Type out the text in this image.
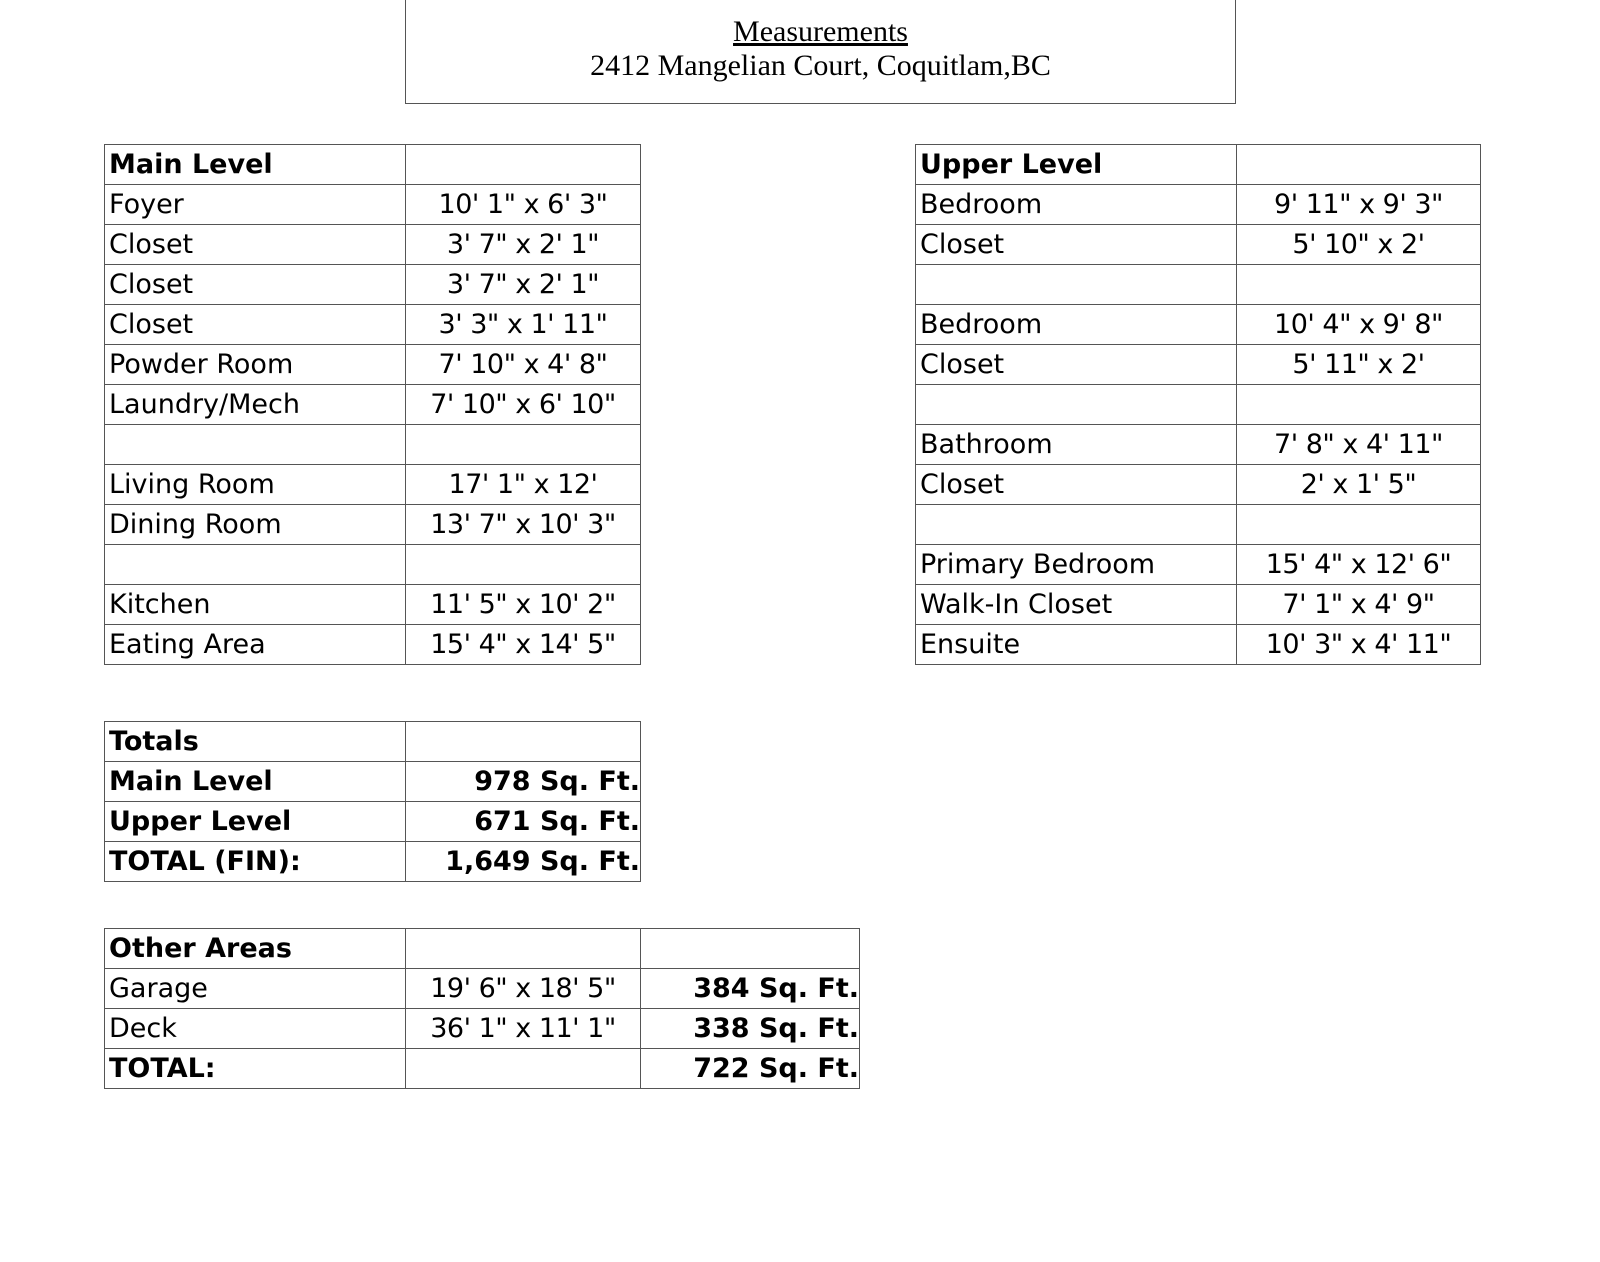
Measurements
2412 Mangelian Court, Coquitlam,BC
Main Level	
Foyer	10' 1" x 6' 3"
Closet	3' 7" x 2' 1"
Closet	3' 7" x 2' 1"
Closet	3' 3" x 1' 11"
Powder Room	7' 10" x 4' 8"
Laundry/Mech	7' 10" x 6' 10"

Living Room	17' 1" x 12'
Dining Room	13' 7" x 10' 3"

Kitchen	11' 5" x 10' 2"
Eating Area	15' 4" x 14' 5"
Upper Level	
Bedroom	9' 11" x 9' 3"
Closet	5' 10" x 2'

Bedroom	10' 4" x 9' 8"
Closet	5' 11" x 2'

Bathroom	7' 8" x 4' 11"
Closet	2' x 1' 5"

Primary Bedroom	15' 4" x 12' 6"
Walk-In Closet	7' 1" x 4' 9"
Ensuite	10' 3" x 4' 11"
Totals	
Main Level	978 Sq. Ft.
Upper Level	671 Sq. Ft.
TOTAL (FIN):	1,649 Sq. Ft.
Other Areas		
Garage	19' 6" x 18' 5"	384 Sq. Ft.
Deck	36' 1" x 11' 1"	338 Sq. Ft.
TOTAL:		722 Sq. Ft.
